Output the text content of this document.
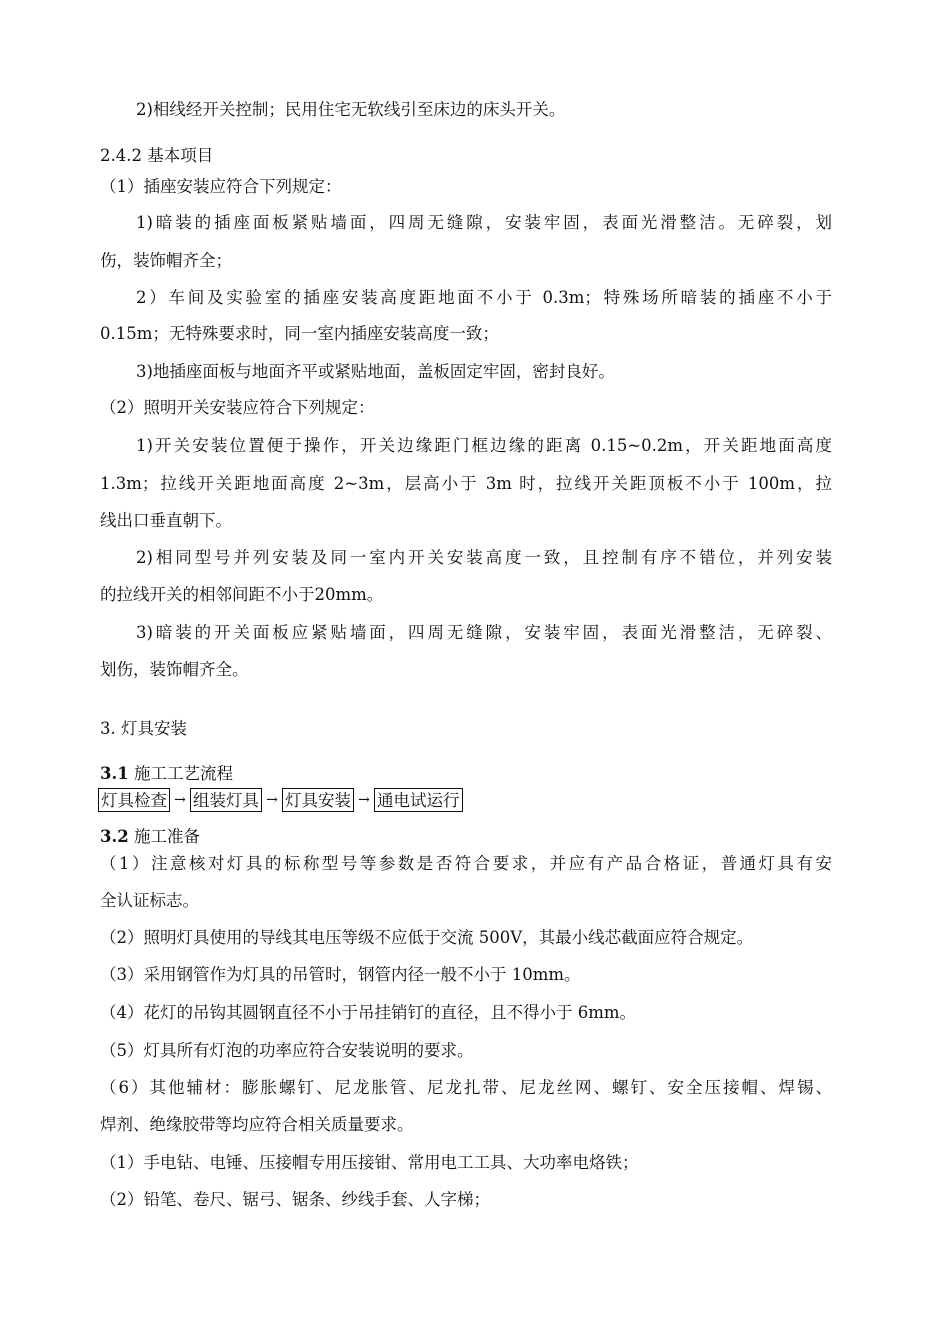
2)相线经开关控制；民用住宅无软线引至床边的床头开关。
2.4.2 基本项目
（1）插座安装应符合下列规定：
1)暗装的插座面板紧贴墙面，四周无缝隙，安装牢固，表面光滑整洁。无碎裂，划
伤，装饰帽齐全；
2）车间及实验室的插座安装高度距地面不小于 0.3m；特殊场所暗装的插座不小于
0.15m；无特殊要求时，同一室内插座安装高度一致；
3)地插座面板与地面齐平或紧贴地面，盖板固定牢固，密封良好。
（2）照明开关安装应符合下列规定：
1)开关安装位置便于操作，开关边缘距门框边缘的距离 0.15~0.2m，开关距地面高度
1.3m；拉线开关距地面高度 2~3m，层高小于 3m 时，拉线开关距顶板不小于 100m，拉
线出口垂直朝下。
2)相同型号并列安装及同一室内开关安装高度一致，且控制有序不错位，并列安装
的拉线开关的相邻间距不小于20mm。
3)暗装的开关面板应紧贴墙面，四周无缝隙，安装牢固，表面光滑整洁，无碎裂、
划伤，装饰帽齐全。
3. 灯具安装
3.1 施工工艺流程
灯具检查 → 组装灯具 → 灯具安装 → 通电试运行
3.2 施工准备
（1）注意核对灯具的标称型号等参数是否符合要求，并应有产品合格证，普通灯具有安
全认证标志。
（2）照明灯具使用的导线其电压等级不应低于交流 500V，其最小线芯截面应符合规定。
（3）采用钢管作为灯具的吊管时，钢管内径一般不小于 10mm。
（4）花灯的吊钩其圆钢直径不小于吊挂销钉的直径，且不得小于 6mm。
（5）灯具所有灯泡的功率应符合安装说明的要求。
（6）其他辅材：膨胀螺钉、尼龙胀管、尼龙扎带、尼龙丝网、螺钉、安全压接帽、焊锡、
焊剂、绝缘胶带等均应符合相关质量要求。
（1）手电钻、电锤、压接帽专用压接钳、常用电工工具、大功率电烙铁；
（2）铅笔、卷尺、锯弓、锯条、纱线手套、人字梯；
